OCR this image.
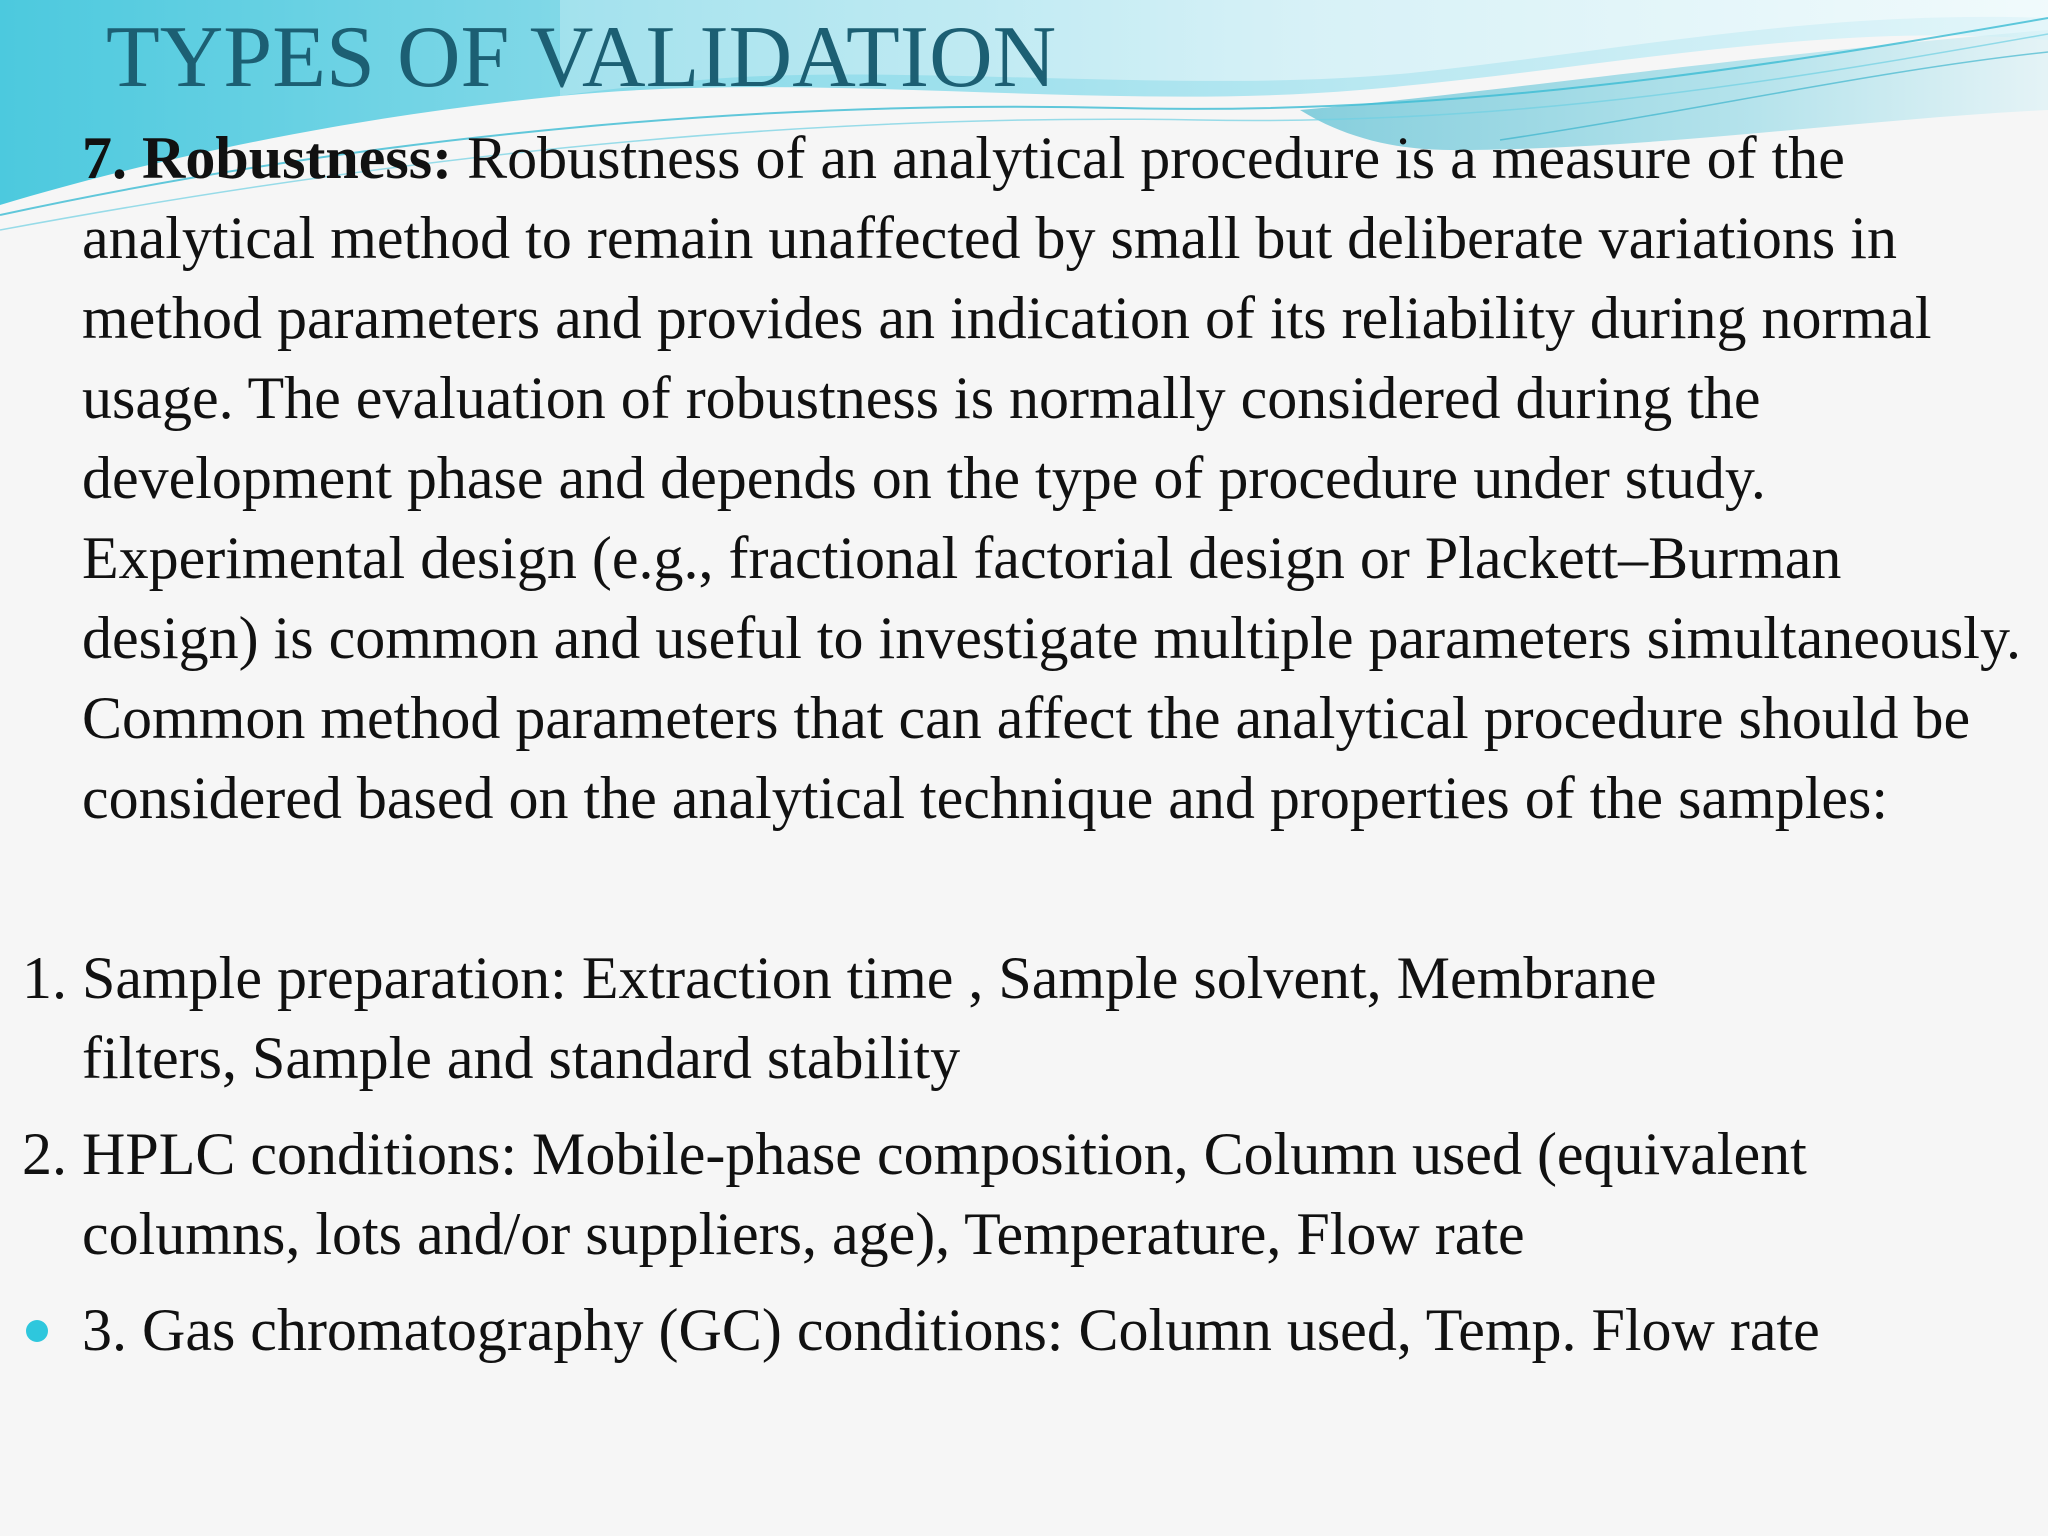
TYPES OF VALIDATION

7. Robustness: Robustness of an analytical procedure is a measure of the analytical method to remain unaffected by small but deliberate variations in method parameters and provides an indication of its reliability during normal usage. The evaluation of robustness is normally considered during the development phase and depends on the type of procedure under study. Experimental design (e.g., fractional factorial design or Plackett–Burman design) is common and useful to investigate multiple parameters simultaneously. Common method parameters that can affect the analytical procedure should be considered based on the analytical technique and properties of the samples:

1. Sample preparation: Extraction time , Sample solvent, Membrane
filters, Sample and standard stability
2. HPLC conditions: Mobile-phase composition, Column used (equivalent
columns, lots and/or suppliers, age), Temperature, Flow rate
3. Gas chromatography (GC) conditions: Column used, Temp. Flow rate
